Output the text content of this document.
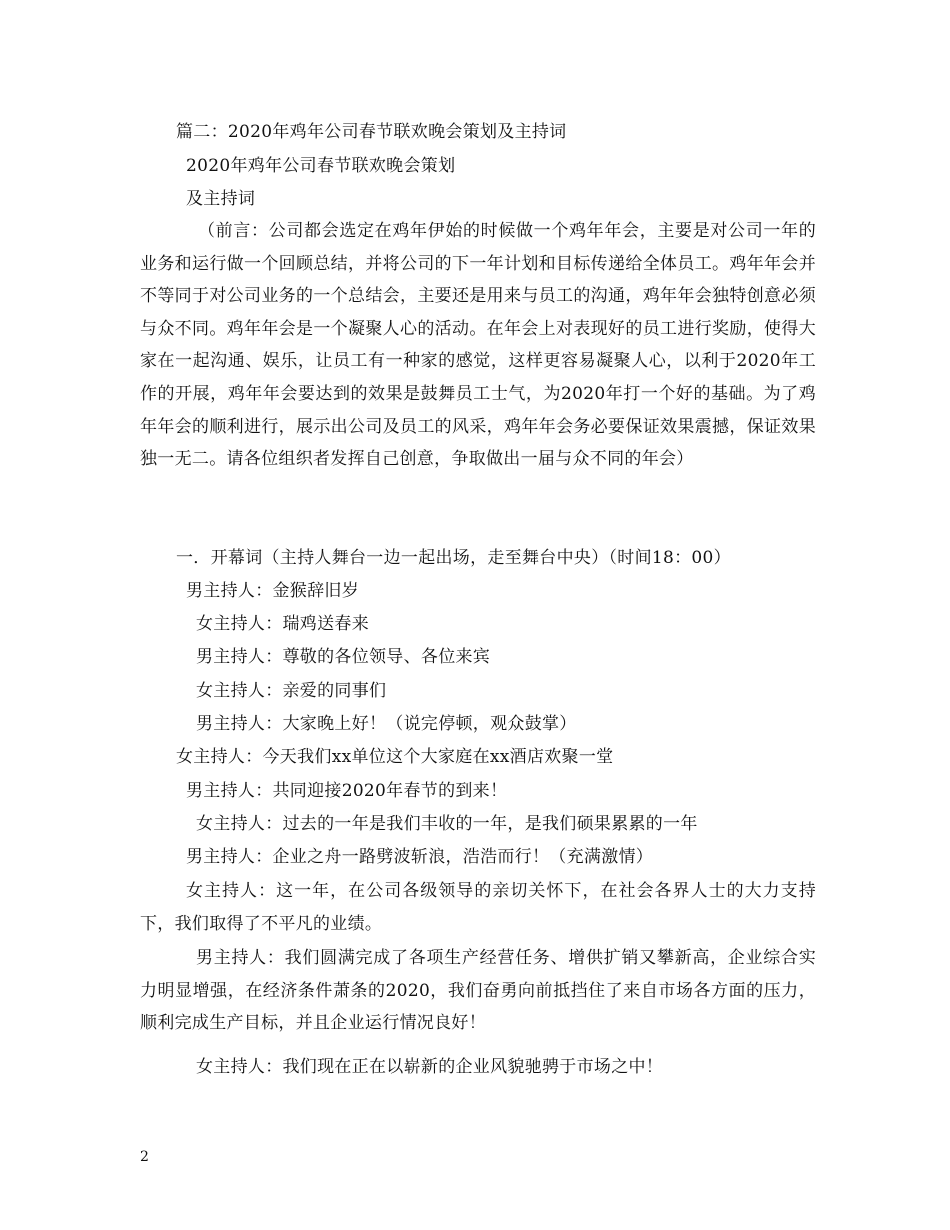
篇二：2020年鸡年公司春节联欢晚会策划及主持词
2020年鸡年公司春节联欢晚会策划
及主持词
（前言：公司都会选定在鸡年伊始的时候做一个鸡年年会，主要是对公司一年的业务和运行做一个回顾总结，并将公司的下一年计划和目标传递给全体员工。鸡年年会并不等同于对公司业务的一个总结会，主要还是用来与员工的沟通，鸡年年会独特创意必须与众不同。鸡年年会是一个凝聚人心的活动。在年会上对表现好的员工进行奖励，使得大家在一起沟通、娱乐，让员工有一种家的感觉，这样更容易凝聚人心，以利于2020年工作的开展，鸡年年会要达到的效果是鼓舞员工士气，为2020年打一个好的基础。为了鸡年年会的顺利进行，展示出公司及员工的风采，鸡年年会务必要保证效果震撼，保证效果独一无二。请各位组织者发挥自己创意，争取做出一届与众不同的年会）
一．开幕词（主持人舞台一边一起出场，走至舞台中央）（时间18：00）
男主持人：金猴辞旧岁
女主持人：瑞鸡送春来
男主持人：尊敬的各位领导、各位来宾
女主持人：亲爱的同事们
男主持人：大家晚上好！（说完停顿，观众鼓掌）
女主持人：今天我们xx单位这个大家庭在xx酒店欢聚一堂
男主持人：共同迎接2020年春节的到来！
女主持人：过去的一年是我们丰收的一年，是我们硕果累累的一年
男主持人：企业之舟一路劈波斩浪，浩浩而行！（充满激情）
女主持人：这一年，在公司各级领导的亲切关怀下，在社会各界人士的大力支持下，我们取得了不平凡的业绩。
男主持人：我们圆满完成了各项生产经营任务、增供扩销又攀新高，企业综合实力明显增强，在经济条件萧条的2020，我们奋勇向前抵挡住了来自市场各方面的压力，顺利完成生产目标，并且企业运行情况良好！
女主持人：我们现在正在以崭新的企业风貌驰骋于市场之中！
2
